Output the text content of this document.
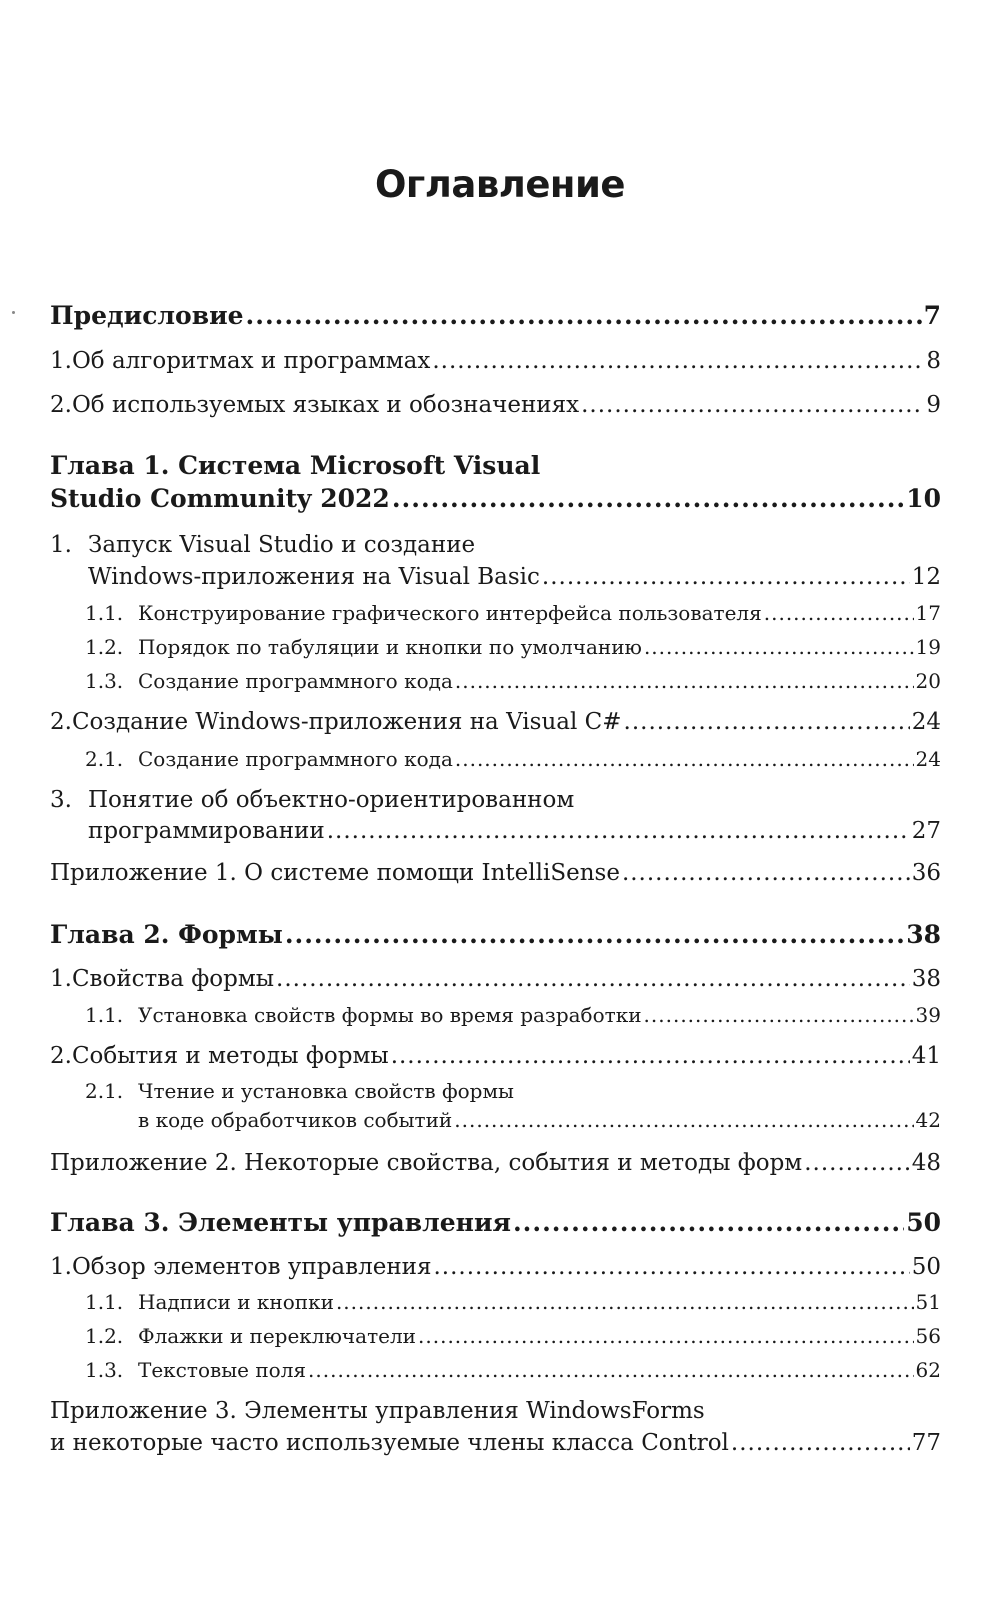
Оглавление
Предисловие .....	7
1. Об алгоритмах и программах .....	8
2. Об используемых языках и обозначениях .....	9
Глава 1. Система Microsoft Visual
Studio Community 2022 .....	10
1. Запуск Visual Studio и создание
Windows-приложения на Visual Basic .....	12
1.1. Конструирование графического интерфейса пользователя .....	17
1.2. Порядок по табуляции и кнопки по умолчанию .....	19
1.3. Создание программного кода .....	20
2. Создание Windows-приложения на Visual C# .....	24
2.1. Создание программного кода .....	24
3. Понятие об объектно-ориентированном
программировании .....	27
Приложение 1. О системе помощи IntelliSense .....	36
Глава 2. Формы .....	38
1. Свойства формы .....	38
1.1. Установка свойств формы во время разработки .....	39
2. События и методы формы .....	41
2.1. Чтение и установка свойств формы
в коде обработчиков событий .....	42
Приложение 2. Некоторые свойства, события и методы форм .....	48
Глава 3. Элементы управления .....	50
1. Обзор элементов управления .....	50
1.1. Надписи и кнопки .....	51
1.2. Флажки и переключатели .....	56
1.3. Текстовые поля .....	62
Приложение 3. Элементы управления WindowsForms
и некоторые часто используемые члены класса Control .....	77
